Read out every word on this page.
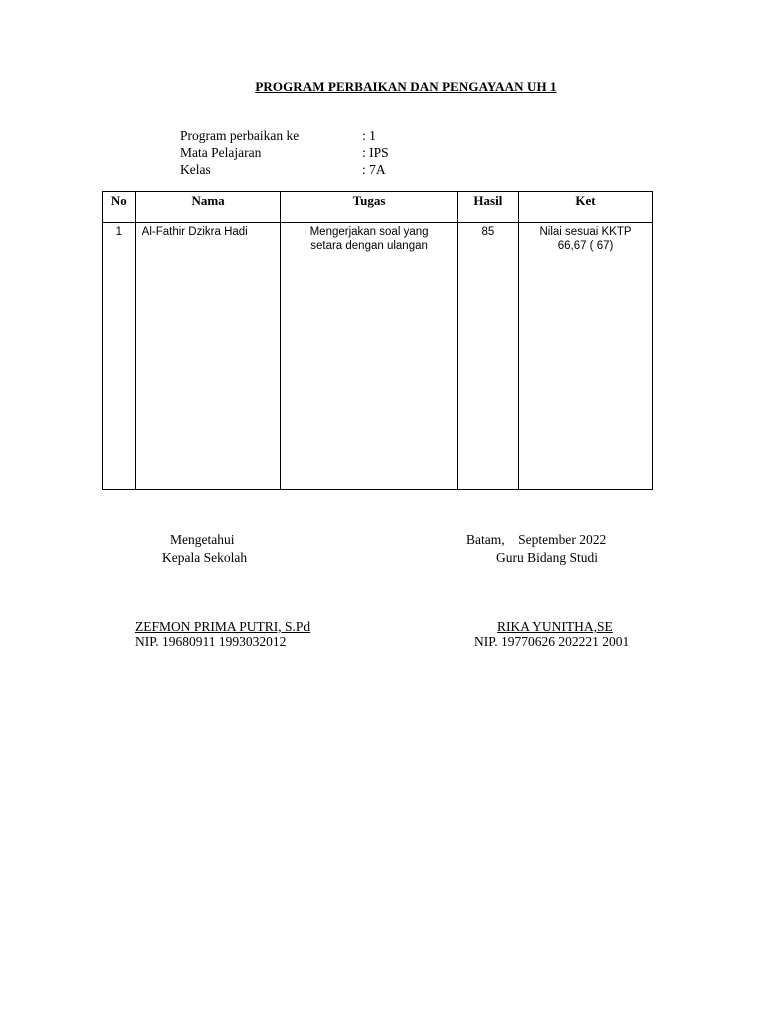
PROGRAM PERBAIKAN DAN PENGAYAAN UH 1
Program perbaikan ke	: 1
Mata Pelajaran	: IPS
Kelas	: 7A
No	Nama	Tugas	Hasil	Ket
1	Al-Fathir Dzikra Hadi	Mengerjakan soal yang setara dengan ulangan	85	Nilai sesuai KKTP
66,67 ( 67)
Mengetahui
Kepala Sekolah
ZEFMON PRIMA PUTRI, S.Pd
NIP. 19680911 1993032012
Batam,    September 2022
Guru Bidang Studi
RIKA YUNITHA,SE
NIP. 19770626 202221 2001
